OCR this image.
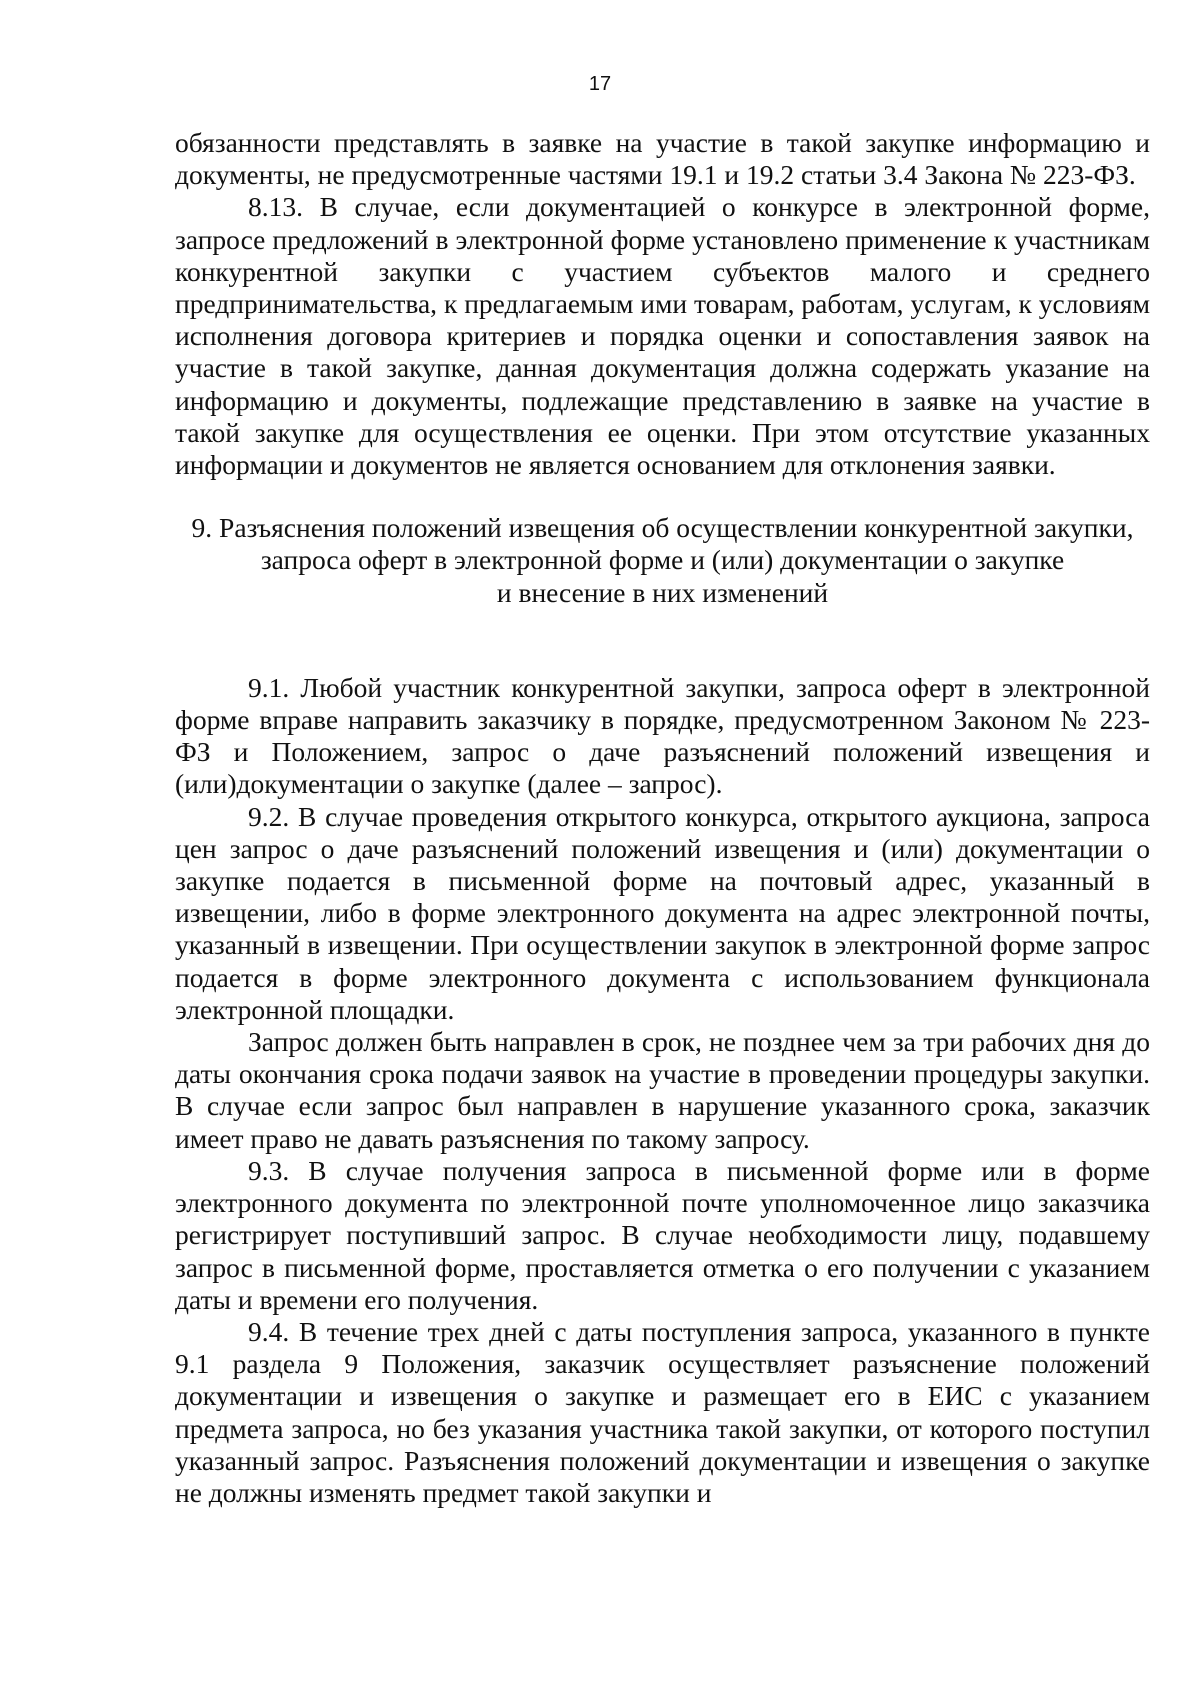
17

обязанности представлять в заявке на участие в такой закупке информацию и документы, не предусмотренные частями 19.1 и 19.2 статьи 3.4 Закона № 223-ФЗ.

8.13. В случае, если документацией о конкурсе в электронной форме, запросе предложений в электронной форме установлено применение к участникам конкурентной закупки с участием субъектов малого и среднего предпринимательства, к предлагаемым ими товарам, работам, услугам, к условиям исполнения договора критериев и порядка оценки и сопоставления заявок на участие в такой закупке, данная документация должна содержать указание на информацию и документы, подлежащие представлению в заявке на участие в такой закупке для осуществления ее оценки. При этом отсутствие указанных информации и документов не является основанием для отклонения заявки.

9. Разъяснения положений извещения об осуществлении конкурентной закупки,
запроса оферт в электронной форме и (или) документации о закупке
и внесение в них изменений

9.1. Любой участник конкурентной закупки, запроса оферт в электронной форме вправе направить заказчику в порядке, предусмотренном Законом № 223-ФЗ и Положением, запрос о даче разъяснений положений извещения и (или)документации о закупке (далее – запрос).

9.2. В случае проведения открытого конкурса, открытого аукциона, запроса цен запрос о даче разъяснений положений извещения и (или) документации о закупке подается в письменной форме на почтовый адрес, указанный в извещении, либо в форме электронного документа на адрес электронной почты, указанный в извещении. При осуществлении закупок в электронной форме запрос подается в форме электронного документа с использованием функционала электронной площадки.

Запрос должен быть направлен в срок, не позднее чем за три рабочих дня до даты окончания срока подачи заявок на участие в проведении процедуры закупки. В случае если запрос был направлен в нарушение указанного срока, заказчик имеет право не давать разъяснения по такому запросу.

9.3. В случае получения запроса в письменной форме или в форме электронного документа по электронной почте уполномоченное лицо заказчика регистрирует поступивший запрос. В случае необходимости лицу, подавшему запрос в письменной форме, проставляется отметка о его получении с указанием даты и времени его получения.

9.4. В течение трех дней с даты поступления запроса, указанного в пункте 9.1 раздела 9 Положения, заказчик осуществляет разъяснение положений документации и извещения о закупке и размещает его в ЕИС с указанием предмета запроса, но без указания участника такой закупки, от которого поступил указанный запрос. Разъяснения положений документации и извещения о закупке не должны изменять предмет такой закупки и
